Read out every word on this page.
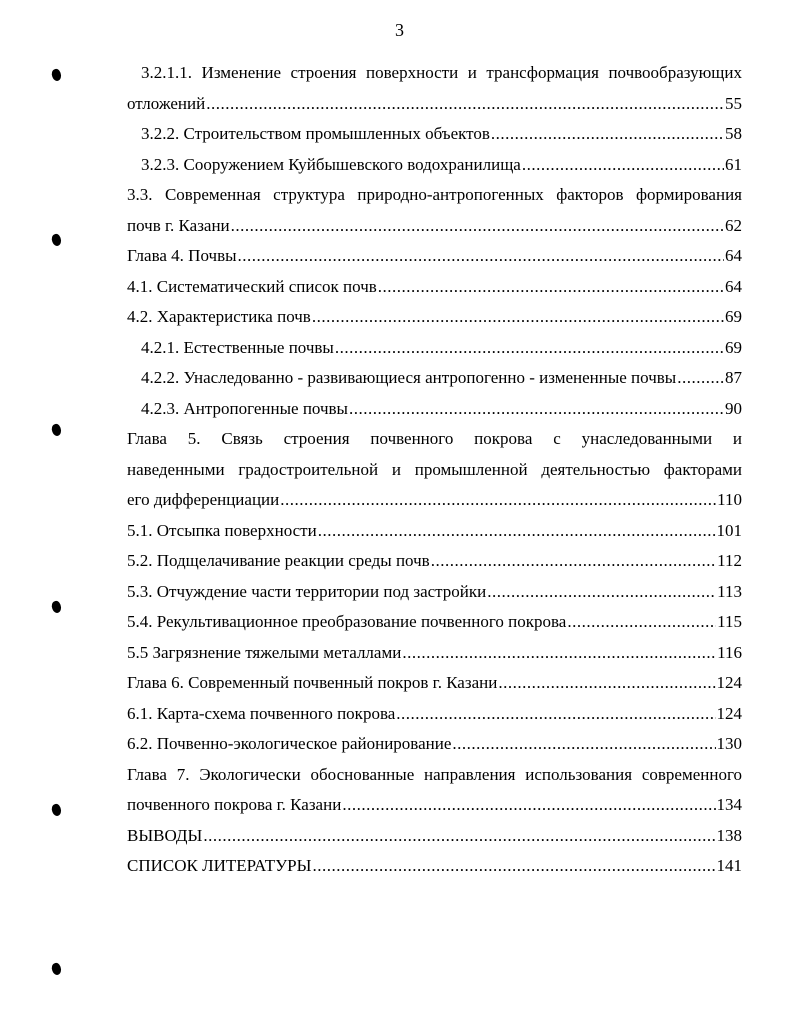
3
3.2.1.1. Изменение строения поверхности и трансформация почвообразующих
отложений .....	55
3.2.2. Строительством промышленных объектов .....	58
3.2.3. Сооружением Куйбышевского водохранилища .....	61
3.3. Современная структура природно-антропогенных факторов формирования
почв г. Казани .....	62
Глава 4. Почвы .....	64
4.1. Систематический список почв .....	64
4.2. Характеристика почв .....	69
4.2.1. Естественные почвы .....	69
4.2.2. Унаследованно - развивающиеся антропогенно - измененные почвы .....	87
4.2.3. Антропогенные почвы .....	90
Глава 5. Связь строения почвенного покрова с унаследованными и
наведенными градостроительной и промышленной деятельностью факторами
его дифференциации .....	110
5.1. Отсыпка поверхности .....	101
5.2. Подщелачивание реакции среды почв .....	112
5.3. Отчуждение части территории под застройки .....	113
5.4. Рекультивационное преобразование почвенного покрова .....	115
5.5 Загрязнение тяжелыми металлами .....	116
Глава 6. Современный почвенный покров г. Казани .....	124
6.1. Карта-схема почвенного покрова .....	124
6.2. Почвенно-экологическое районирование .....	130
Глава 7. Экологически обоснованные направления использования современного
почвенного покрова г. Казани .....	134
ВЫВОДЫ .....	138
СПИСОК ЛИТЕРАТУРЫ .....	141
